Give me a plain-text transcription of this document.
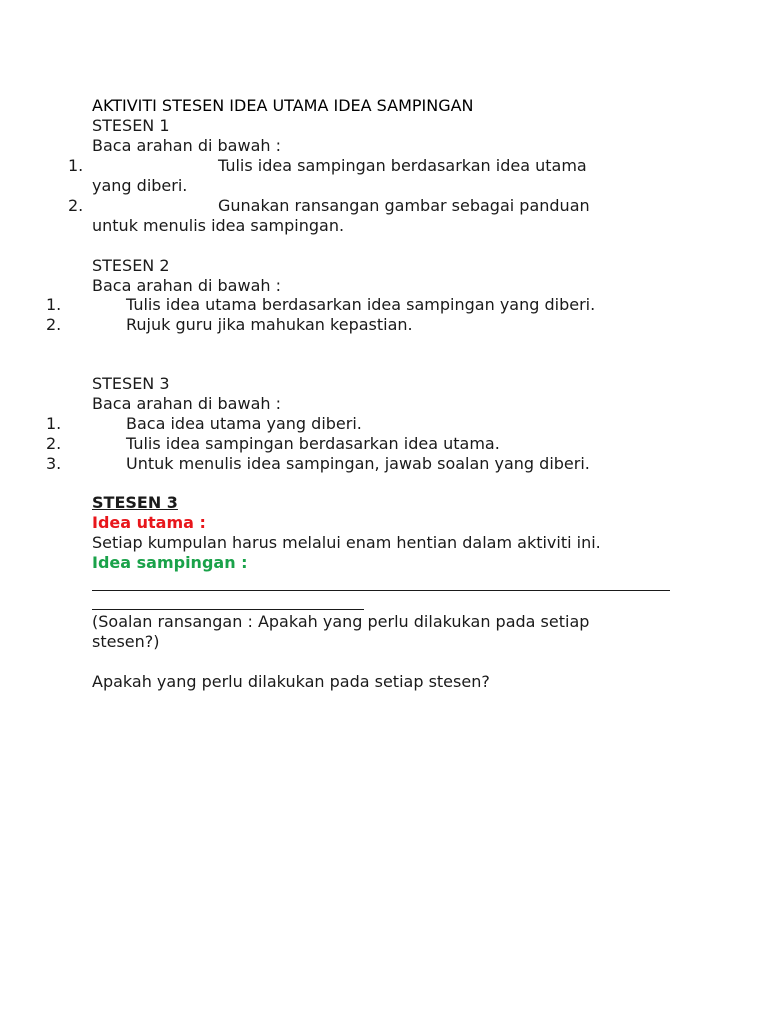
AKTIVITI STESEN IDEA UTAMA IDEA SAMPINGAN
STESEN 1
Baca arahan di bawah :
1.	Tulis idea sampingan berdasarkan idea utama
yang diberi.
2.	Gunakan ransangan gambar sebagai panduan
untuk menulis idea sampingan.
STESEN 2
Baca arahan di bawah :
1.	Tulis idea utama berdasarkan idea sampingan yang diberi.
2.	Rujuk guru jika mahukan kepastian.
STESEN 3
Baca arahan di bawah :
1.	Baca idea utama yang diberi.
2.	Tulis idea sampingan berdasarkan idea utama.
3.	Untuk menulis idea sampingan, jawab soalan yang diberi.
STESEN 3
Idea utama :
Setiap kumpulan harus melalui enam hentian dalam aktiviti ini.
Idea sampingan :
(Soalan ransangan : Apakah yang perlu dilakukan pada setiap
stesen?)
Apakah yang perlu dilakukan pada setiap stesen?
